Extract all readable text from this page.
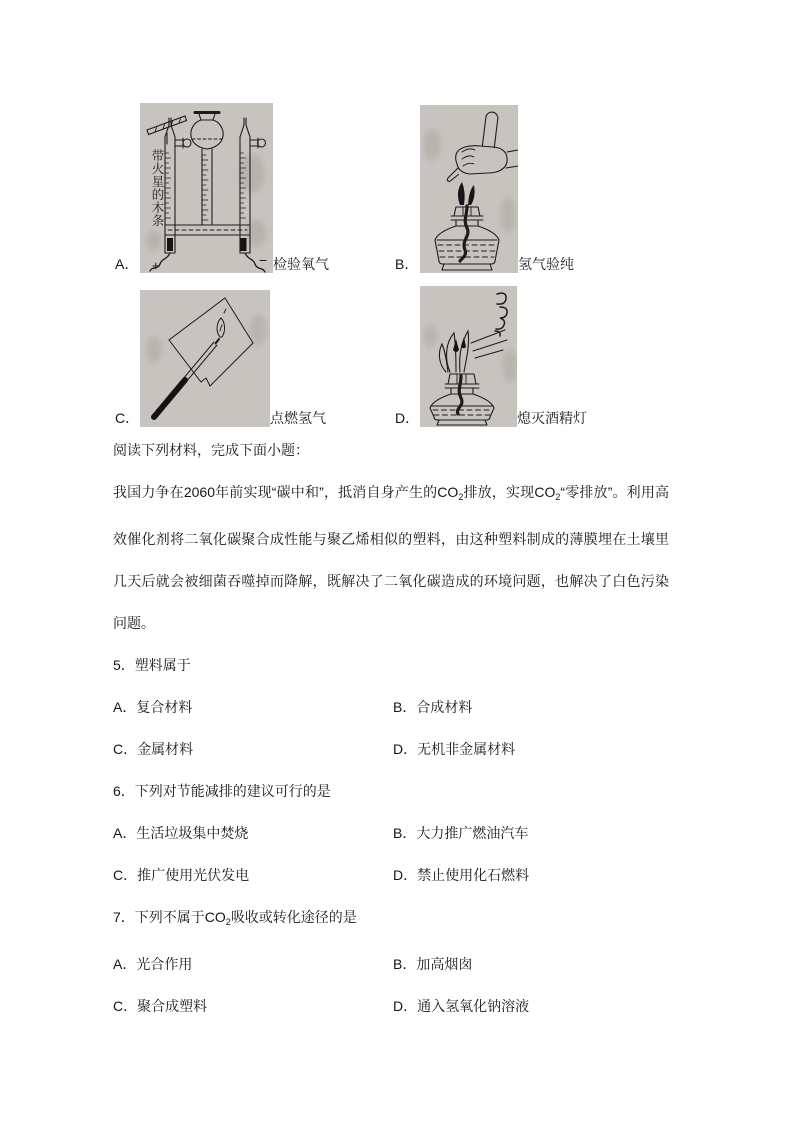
A． +	−
带火星的木条
检验氧气	B．	氢气验纯
C．	点燃氢气	D．	熄灭酒精灯

阅读下列材料，完成下面小题：

我国力争在2060年前实现“碳中和”，抵消自身产生的$CO_2$排放，实现$CO_2“$零排放”。利用高效催化剂将二氧化碳聚合成性能与聚乙烯相似的塑料，由这种塑料制成的薄膜埋在土壤里几天后就会被细菌吞噬掉而降解，既解决了二氧化碳造成的环境问题，也解决了白色污染问题。

5．塑料属于

A．复合材料	B．合成材料
C．金属材料	D．无机非金属材料

6．下列对节能减排的建议可行的是

A．生活垃圾集中焚烧	B．大力推广燃油汽车
C．推广使用光伏发电	D．禁止使用化石燃料

7．下列不属于$CO_2$吸收或转化途径的是

A．光合作用	B．加高烟囱
C．聚合成塑料	D．通入氢氧化钠溶液
